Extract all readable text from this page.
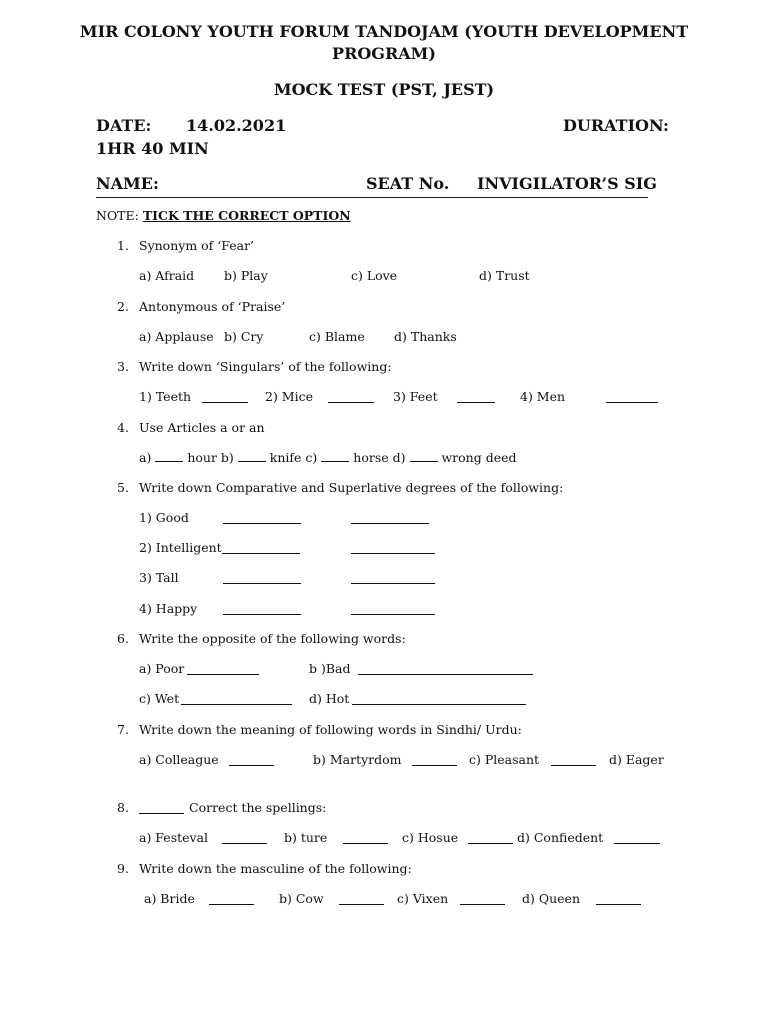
MIR COLONY YOUTH FORUM TANDOJAM (YOUTH DEVELOPMENT
PROGRAM)
MOCK TEST (PST, JEST)
DATE: 14.02.2021	DURATION:
1HR 40 MIN
NAME:	SEAT No. INVIGILATOR’S SIG
NOTE: TICK THE CORRECT OPTION
1. Synonym of ‘Fear’
a) Afraid b) Play	c) Love	d) Trust
2. Antonymous of ‘Praise’
a) Applause b) Cry	c) Blame d) Thanks
3. Write down ‘Singulars’ of the following:
1) Teeth	2) Mice	3) Feet	4) Men
4. Use Articles a or an
a)	hour b)	knife c)	horse d)	wrong deed
5. Write down Comparative and Superlative degrees of the following:
1) Good
2) Intelligent
3) Tall
4) Happy
6. Write the opposite of the following words:
a) Poor	b )Bad
c) Wet	d) Hot
7. Write down the meaning of following words in Sindhi/ Urdu:
a) Colleague	b) Martyrdom	c) Pleasant	d) Eager
8.	Correct the spellings:
a) Festeval	b) ture	c) Hosue	d) Confiedent
9. Write down the masculine of the following:
a) Bride	b) Cow	c) Vixen	d) Queen
